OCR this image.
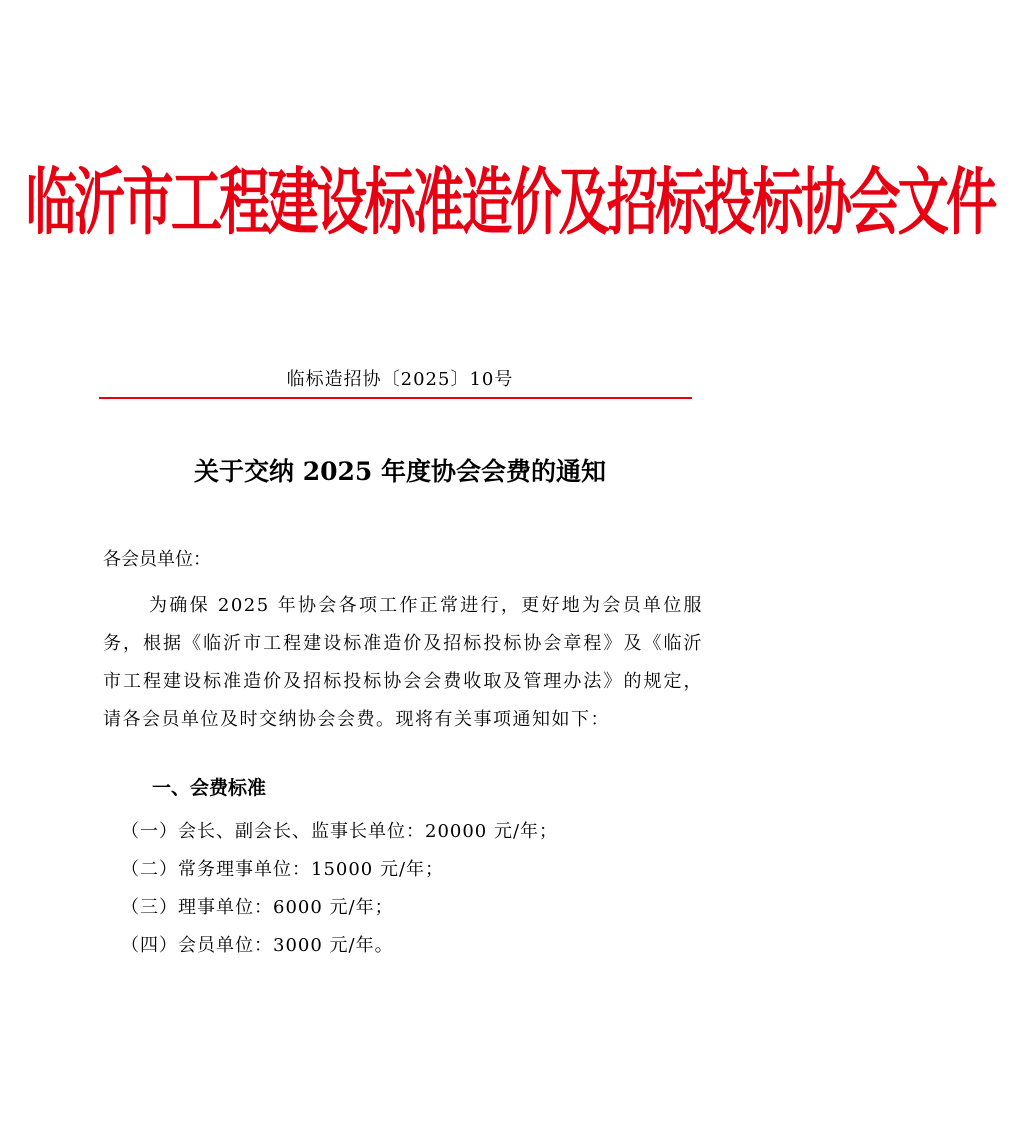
临沂市工程建设标准造价及招标投标协会文件
临标造招协〔2025〕10号
关于交纳 2025 年度协会会费的通知
各会员单位：
为确保 2025 年协会各项工作正常进行，更好地为会员单位服务，根据《临沂市工程建设标准造价及招标投标协会章程》及《临沂市工程建设标准造价及招标投标协会会费收取及管理办法》的规定，请各会员单位及时交纳协会会费。现将有关事项通知如下：
一、会费标准
（一）会长、副会长、监事长单位：20000 元/年；
（二）常务理事单位：15000 元/年；
（三）理事单位：6000 元/年；
（四）会员单位：3000 元/年。
